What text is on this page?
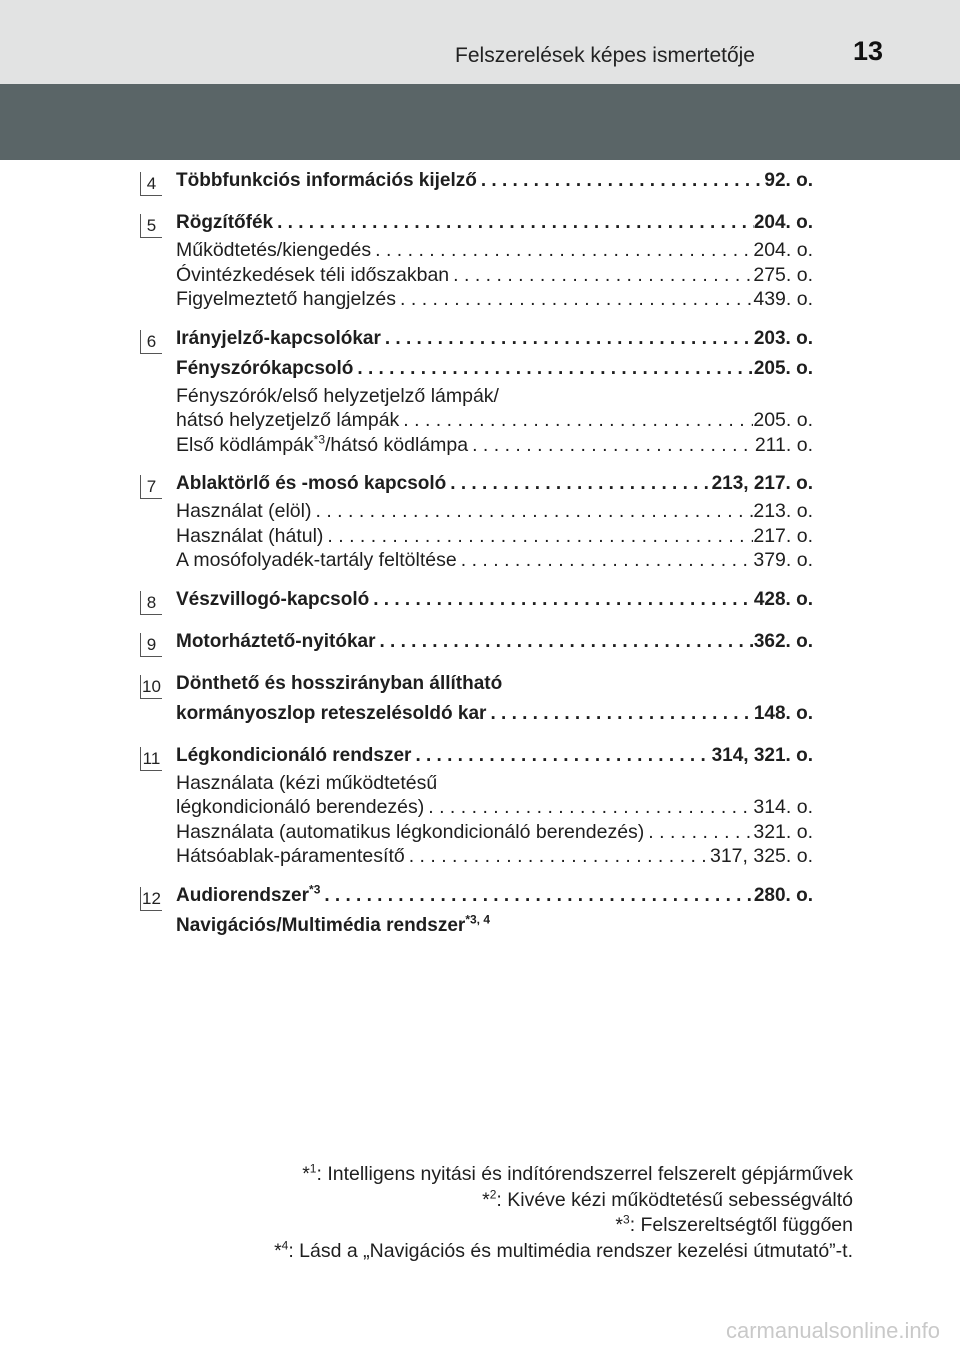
Felszerelések képes ismertetője	13
4	Többfunkciós információs kijelző . . .	92. o.
5	Rögzítőfék . . .	204. o.
Működtetés/kiengedés . . .	204. o.
Óvintézkedések téli időszakban . . .	275. o.
Figyelmeztető hangjelzés . . .	439. o.
6	Irányjelző-kapcsolókar . . .	203. o.
Fényszórókapcsoló . . .	205. o.
Fényszórók/első helyzetjelző lámpák/
hátsó helyzetjelző lámpák . . .	205. o.
Első ködlámpák$^{*3}$/hátsó ködlámpa . . .	211. o.
7	Ablaktörlő és -mosó kapcsoló . . .	213, 217. o.
Használat (elöl) . . .	213. o.
Használat (hátul) . . .	217. o.
A mosófolyadék-tartály feltöltése . . .	379. o.
8	Vészvillogó-kapcsoló . . .	428. o.
9	Motorháztető-nyitókar . . .	362. o.
10 Dönthető és hosszirányban állítható
kormányoszlop reteszelésoldó kar . . .	148. o.
11 Légkondicionáló rendszer . . .	314, 321. o.
Használata (kézi működtetésű
légkondicionáló berendezés) . . .	314. o.
Használata (automatikus légkondicionáló berendezés) . . .	321. o.
Hátsóablak-páramentesítő . . .	317, 325. o.
12 Audiorendszer$^{*3}$ . . .	280. o.
Navigációs/Multimédia rendszer$^{*3, 4}$
*$^1$: Intelligens nyitási és indítórendszerrel felszerelt gépjárművek
*$^2$: Kivéve kézi működtetésű sebességváltó
*$^3$: Felszereltségtől függően
*$^4$: Lásd a „Navigációs és multimédia rendszer kezelési útmutató”-t.
carmanualsonline.info
